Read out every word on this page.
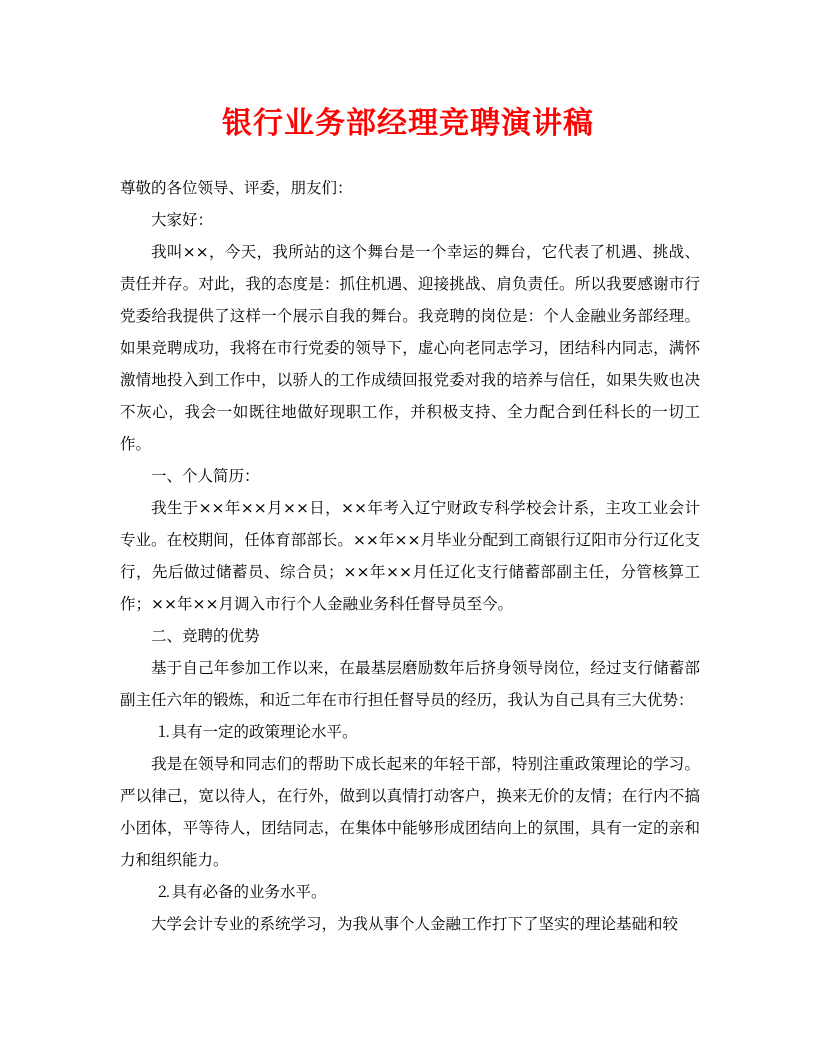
银行业务部经理竞聘演讲稿

尊敬的各位领导、评委，朋友们：

大家好：

我叫××，今天，我所站的这个舞台是一个幸运的舞台，它代表了机遇、挑战、责任并存。对此，我的态度是：抓住机遇、迎接挑战、肩负责任。所以我要感谢市行党委给我提供了这样一个展示自我的舞台。我竞聘的岗位是：个人金融业务部经理。如果竞聘成功，我将在市行党委的领导下，虚心向老同志学习，团结科内同志，满怀激情地投入到工作中，以骄人的工作成绩回报党委对我的培养与信任，如果失败也决不灰心，我会一如既往地做好现职工作，并积极支持、全力配合到任科长的一切工作。

一、个人简历：

我生于××年××月××日，××年考入辽宁财政专科学校会计系，主攻工业会计专业。在校期间，任体育部部长。××年××月毕业分配到工商银行辽阳市分行辽化支行，先后做过储蓄员、综合员；××年××月任辽化支行储蓄部副主任，分管核算工作；××年××月调入市行个人金融业务科任督导员至今。

二、竞聘的优势

基于自己年参加工作以来，在最基层磨励数年后挤身领导岗位，经过支行储蓄部副主任六年的锻炼，和近二年在市行担任督导员的经历，我认为自己具有三大优势：

⒈具有一定的政策理论水平。

我是在领导和同志们的帮助下成长起来的年轻干部，特别注重政策理论的学习。严以律己，宽以待人，在行外，做到以真情打动客户，换来无价的友情；在行内不搞小团体，平等待人，团结同志，在集体中能够形成团结向上的氛围，具有一定的亲和力和组织能力。

⒉具有必备的业务水平。

大学会计专业的系统学习，为我从事个人金融工作打下了坚实的理论基础和较
